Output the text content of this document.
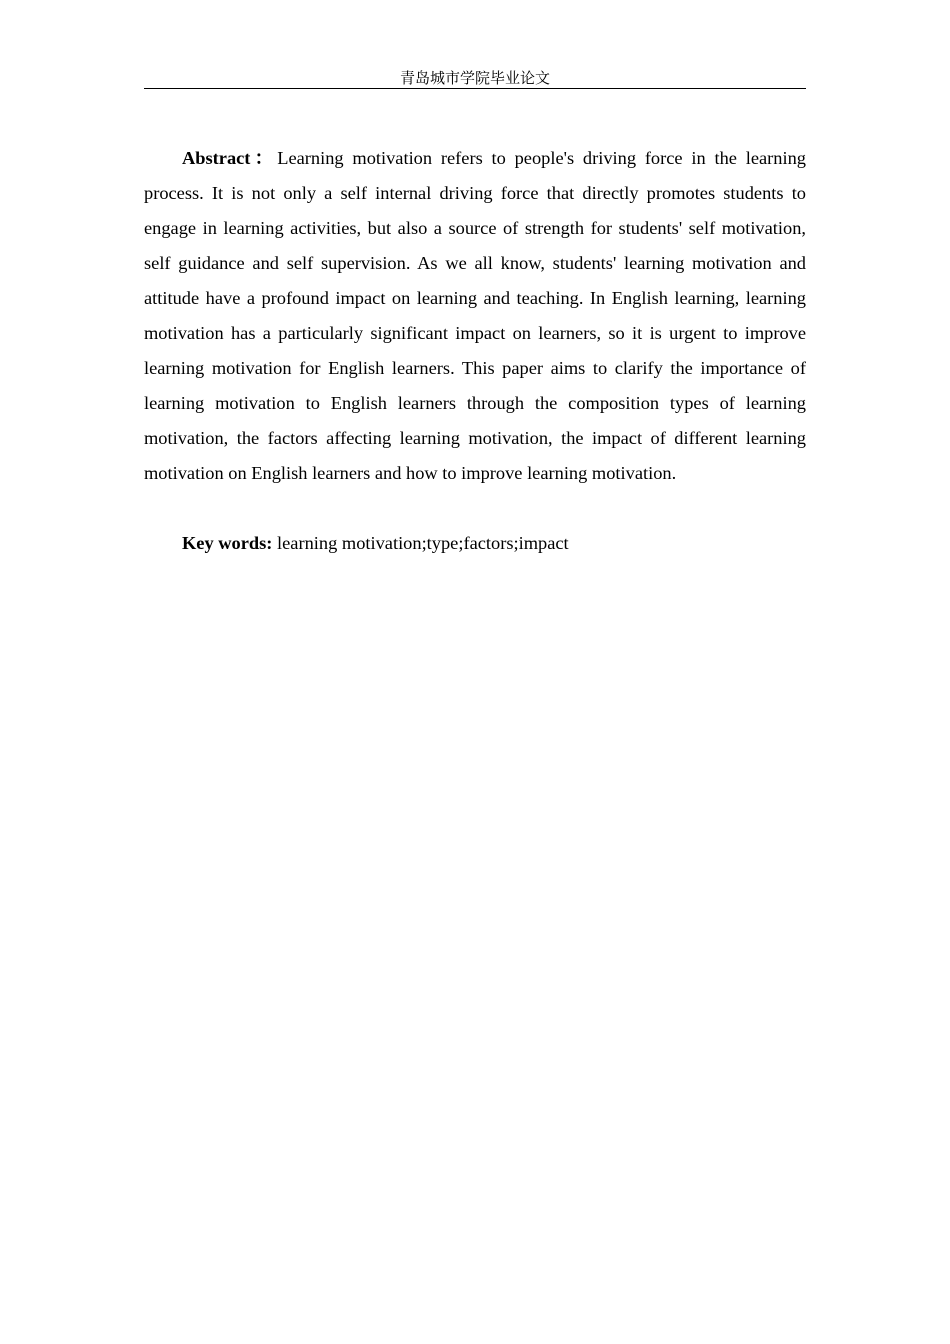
青岛城市学院毕业论文

Abstract：Learning motivation refers to people's driving force in the learning process. It is not only a self internal driving force that directly promotes students to engage in learning activities, but also a source of strength for students' self motivation, self guidance and self supervision. As we all know, students' learning motivation and attitude have a profound impact on learning and teaching. In English learning, learning motivation has a particularly significant impact on learners, so it is urgent to improve learning motivation for English learners. This paper aims to clarify the importance of learning motivation to English learners through the composition types of learning motivation, the factors affecting learning motivation, the impact of different learning motivation on English learners and how to improve learning motivation.

Key words: learning motivation;type;factors;impact
